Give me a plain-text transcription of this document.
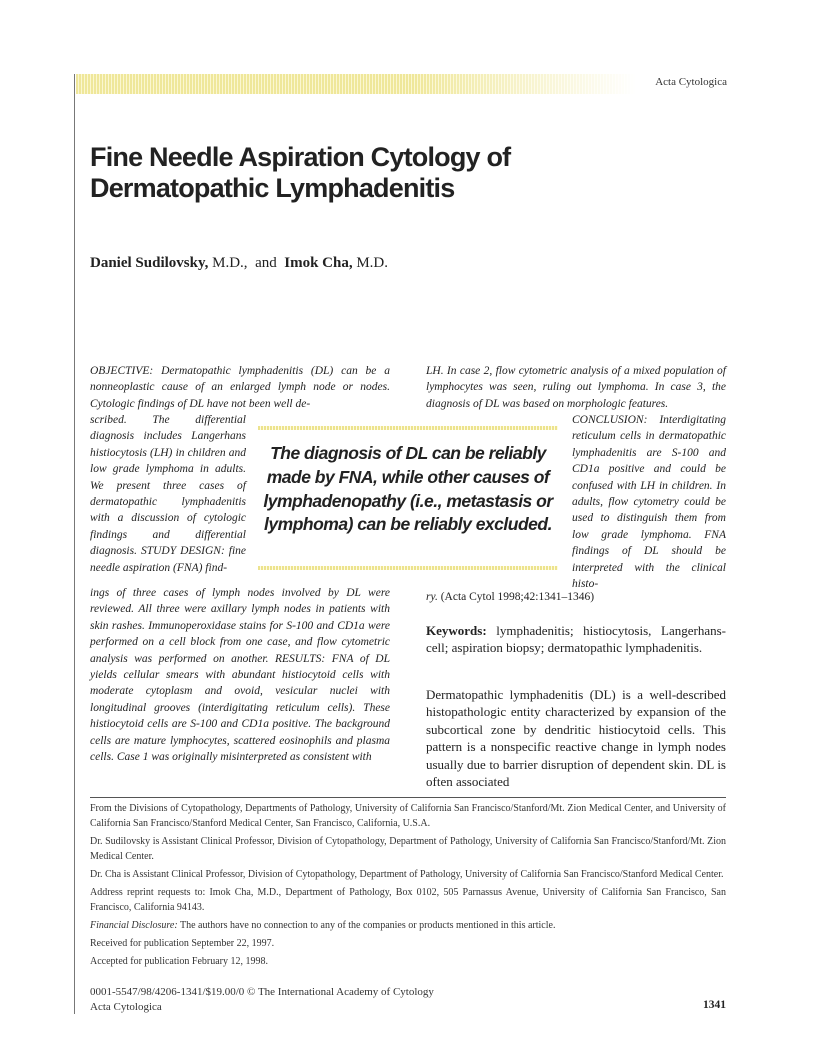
Acta Cytologica
Fine Needle Aspiration Cytology of
Dermatopathic Lymphadenitis
Daniel Sudilovsky, M.D., and Imok Cha, M.D.
OBJECTIVE: Dermatopathic lymphadenitis (DL) can be a nonneoplastic cause of an enlarged lymph node or nodes. Cytologic findings of DL have not been well de-
scribed. The differential diagnosis includes Langerhans histiocytosis (LH) in children and low grade lymphoma in adults. We present three cases of dermatopathic lymphadenitis with a discussion of cytologic findings and differential diagnosis. STUDY DESIGN: fine needle aspiration (FNA) find-
ings of three cases of lymph nodes involved by DL were reviewed. All three were axillary lymph nodes in patients with skin rashes. Immunoperoxidase stains for S-100 and CD1a were performed on a cell block from one case, and flow cytometric analysis was performed on another. RESULTS: FNA of DL yields cellular smears with abundant histiocytoid cells with moderate cytoplasm and ovoid, vesicular nuclei with longitudinal grooves (interdigitating reticulum cells). These histiocytoid cells are S-100 and CD1a positive. The background cells are mature lymphocytes, scattered eosinophils and plasma cells. Case 1 was originally misinterpreted as consistent with
LH. In case 2, flow cytometric analysis of a mixed population of lymphocytes was seen, ruling out lymphoma. In case 3, the diagnosis of DL was based on morphologic features.
CONCLUSION: Interdigitating reticulum cells in dermatopathic lymphadenitis are S-100 and CD1a positive and could be confused with LH in children. In adults, flow cytometry could be used to distinguish them from low grade lymphoma. FNA findings of DL should be interpreted with the clinical histo-
ry. (Acta Cytol 1998;42:1341–1346)

The diagnosis of DL can be reliably made by FNA, while other causes of lymphadenopathy (i.e., metastasis or lymphoma) can be reliably excluded.

Keywords: lymphadenitis; histiocytosis, Langerhans-cell; aspiration biopsy; dermatopathic lymphadenitis.

Dermatopathic lymphadenitis (DL) is a well-described histopathologic entity characterized by expansion of the subcortical zone by dendritic histiocytoid cells. This pattern is a nonspecific reactive change in lymph nodes usually due to barrier disruption of dependent skin. DL is often associated

From the Divisions of Cytopathology, Departments of Pathology, University of California San Francisco/Stanford/Mt. Zion Medical Center, and University of California San Francisco/Stanford Medical Center, San Francisco, California, U.S.A.

Dr. Sudilovsky is Assistant Clinical Professor, Division of Cytopathology, Department of Pathology, University of California San Francisco/Stanford/Mt. Zion Medical Center.

Dr. Cha is Assistant Clinical Professor, Division of Cytopathology, Department of Pathology, University of California San Francisco/Stanford Medical Center.

Address reprint requests to: Imok Cha, M.D., Department of Pathology, Box 0102, 505 Parnassus Avenue, University of California San Francisco, San Francisco, California 94143.

Financial Disclosure: The authors have no connection to any of the companies or products mentioned in this article.

Received for publication September 22, 1997.

Accepted for publication February 12, 1998.

0001-5547/98/4206-1341/$19.00/0 © The International Academy of Cytology
Acta Cytologica	1341
